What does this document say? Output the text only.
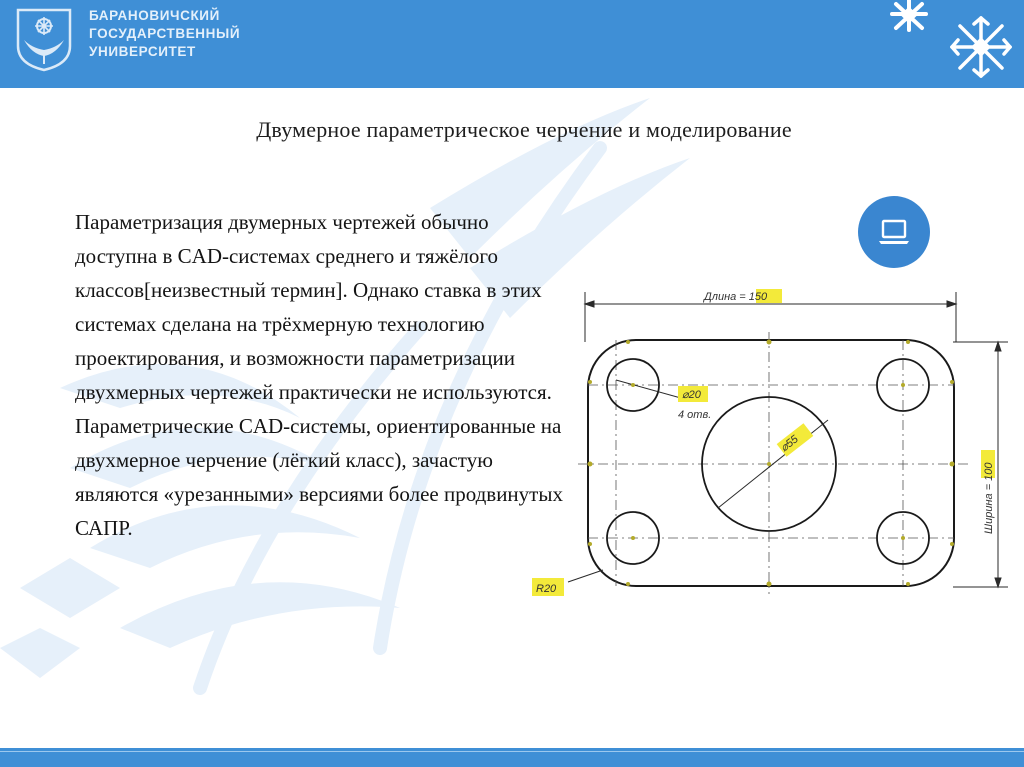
БАРАНОВИЧСКИЙ
ГОСУДАРСТВЕННЫЙ
УНИВЕРСИТЕТ
Двумерное параметрическое черчение и моделирование
Параметризация двумерных чертежей обычно доступна в CAD-системах среднего и тяжёлого классов[неизвестный термин]. Однако ставка в этих системах сделана на трёхмерную технологию проектирования, и возможности параметризации двухмерных чертежей практически не используются. Параметрические CAD-системы, ориентированные на двухмерное черчение (лёгкий класс), зачастую являются «урезанными» версиями более продвинутых САПР.
Длина = 150
Ширина = 100
⌀20
4 отв.
⌀55
R20
